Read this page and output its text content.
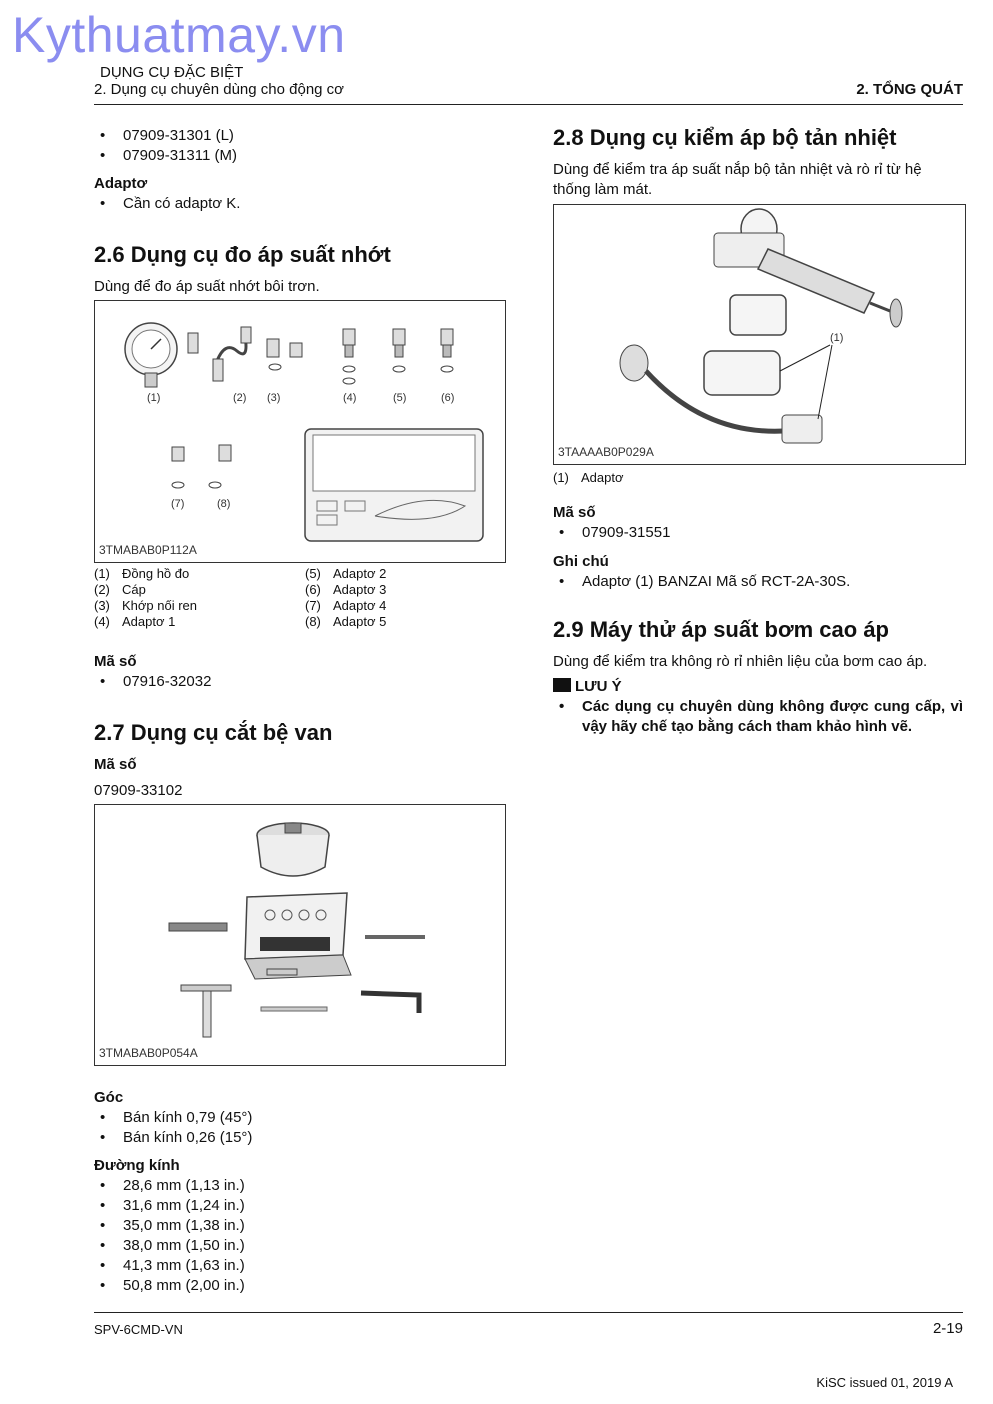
Kythuatmay.vn
DỤNG CỤ ĐẶC BIỆT
2. Dụng cụ chuyên dùng cho động cơ	2. TỔNG QUÁT
• 07909-31301 (L)
• 07909-31311 (M)
Adaptơ
• Cần có adaptơ K.
2.6 Dụng cụ đo áp suất nhớt

Dùng để đo áp suất nhớt bôi trơn.

(1)	(2) (3)	(4)	(5)	(6)
(7)	(8)
3TMABAB0P112A
(1) Đồng hồ đo
(2) Cáp
(3) Khớp nối ren
(4) Adaptơ 1
(5) Adaptơ 2
(6) Adaptơ 3
(7) Adaptơ 4
(8) Adaptơ 5
Mã số
• 07916-32032
2.7 Dụng cụ cắt bệ van
Mã số

07909-33102

3TMABAB0P054A
Góc
• Bán kính 0,79 (45°)
• Bán kính 0,26 (15°)
Đường kính
• 28,6 mm (1,13 in.)
• 31,6 mm (1,24 in.)
• 35,0 mm (1,38 in.)
• 38,0 mm (1,50 in.)
• 41,3 mm (1,63 in.)
• 50,8 mm (2,00 in.)
2.8 Dụng cụ kiểm áp bộ tản nhiệt

Dùng để kiểm tra áp suất nắp bộ tản nhiệt và rò rỉ từ hệ thống làm mát.

(1)
3TAAAAB0P029A
(1) Adaptơ
Mã số
• 07909-31551
Ghi chú
• Adaptơ (1) BANZAI Mã số RCT-2A-30S.
2.9 Máy thử áp suất bơm cao áp

Dùng để kiểm tra không rò rỉ nhiên liệu của bơm cao áp.

LƯU Ý
• Các dụng cụ chuyên dùng không được cung cấp, vì vậy hãy chế tạo bằng cách tham khảo hình vẽ.
SPV-6CMD-VN	2-19
KiSC issued 01, 2019 A
